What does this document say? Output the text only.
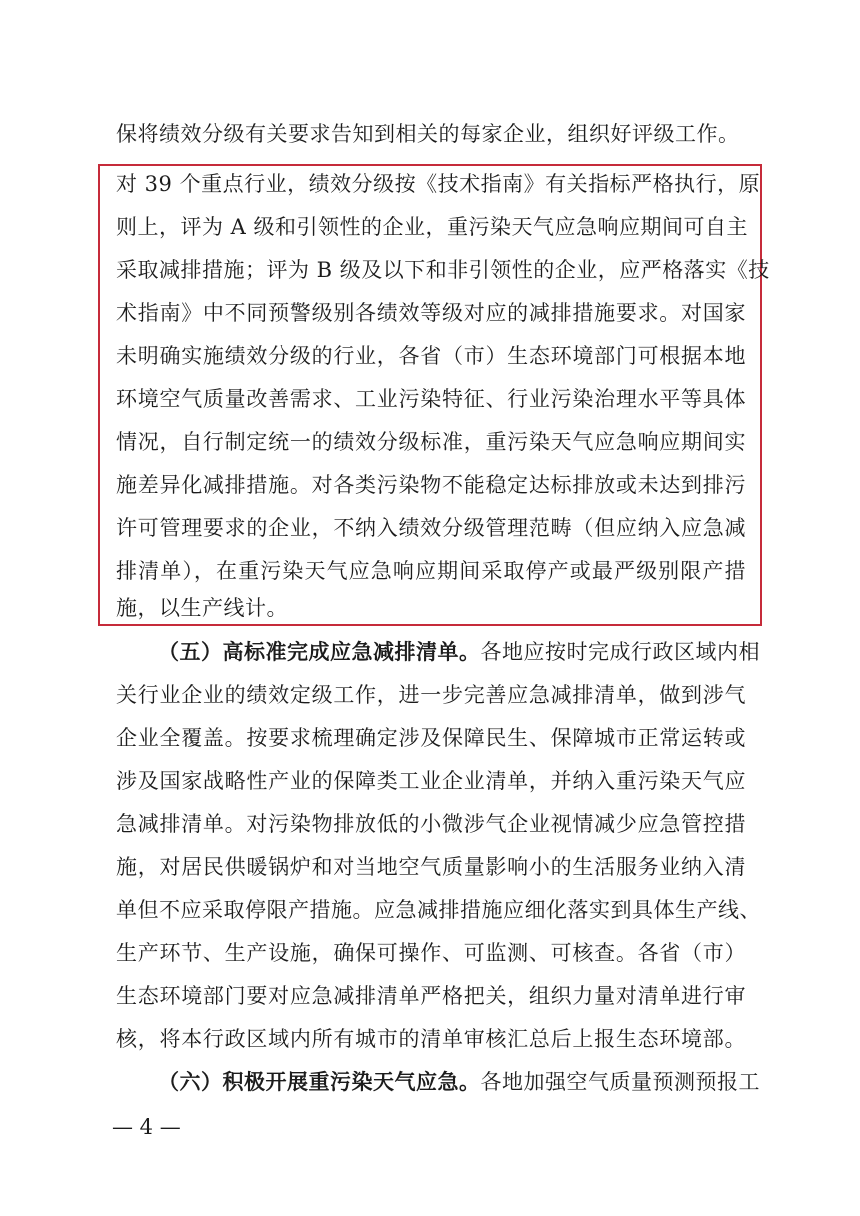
保将绩效分级有关要求告知到相关的每家企业，组织好评级工作。
对 39 个重点行业，绩效分级按《技术指南》有关指标严格执行，原
则上，评为 A 级和引领性的企业，重污染天气应急响应期间可自主
采取减排措施；评为 B 级及以下和非引领性的企业，应严格落实《技
术指南》中不同预警级别各绩效等级对应的减排措施要求。对国家
未明确实施绩效分级的行业，各省（市）生态环境部门可根据本地
环境空气质量改善需求、工业污染特征、行业污染治理水平等具体
情况，自行制定统一的绩效分级标准，重污染天气应急响应期间实
施差异化减排措施。对各类污染物不能稳定达标排放或未达到排污
许可管理要求的企业，不纳入绩效分级管理范畴（但应纳入应急减
排清单），在重污染天气应急响应期间采取停产或最严级别限产措
施，以生产线计。
（五）高标准完成应急减排清单。各地应按时完成行政区域内相
关行业企业的绩效定级工作，进一步完善应急减排清单，做到涉气
企业全覆盖。按要求梳理确定涉及保障民生、保障城市正常运转或
涉及国家战略性产业的保障类工业企业清单，并纳入重污染天气应
急减排清单。对污染物排放低的小微涉气企业视情减少应急管控措
施，对居民供暖锅炉和对当地空气质量影响小的生活服务业纳入清
单但不应采取停限产措施。应急减排措施应细化落实到具体生产线、
生产环节、生产设施，确保可操作、可监测、可核查。各省（市）
生态环境部门要对应急减排清单严格把关，组织力量对清单进行审
核，将本行政区域内所有城市的清单审核汇总后上报生态环境部。
（六）积极开展重污染天气应急。各地加强空气质量预测预报工
— 4 —
